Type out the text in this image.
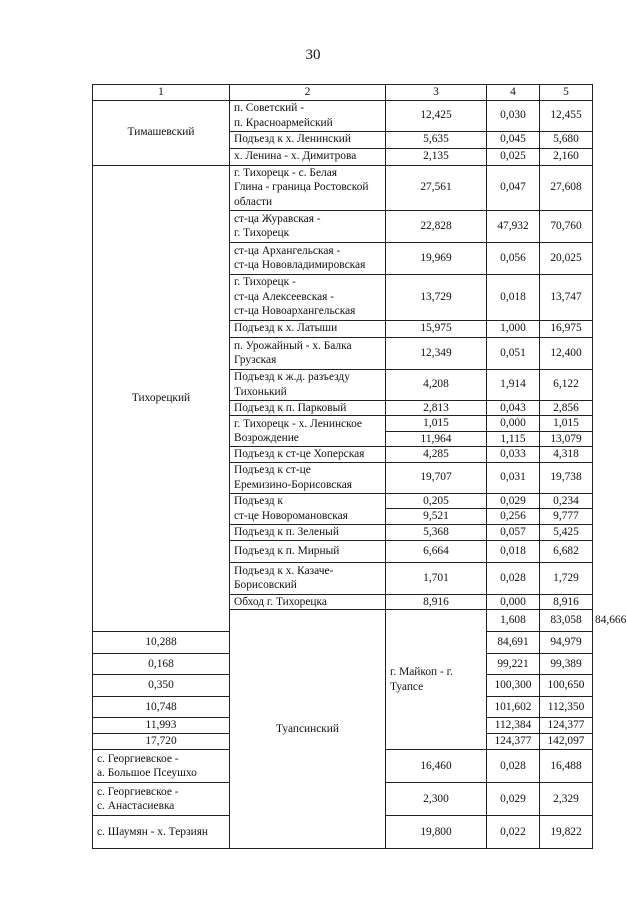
30
1	2	3	4	5	
Тимашевский	п. Советский -
п. Красноармейский	12,425	0,030	12,455	
	Подъезд к х. Ленинский	5,635	0,045	5,680	
	х. Ленина - х. Димитрова	2,135	0,025	2,160	
Тихорецкий	г. Тихорецк - с. Белая
Глина - граница Ростовской
области	27,561	0,047	27,608	
	ст-ца Журавская -
г. Тихорецк	22,828	47,932	70,760	
	ст-ца Архангельская -
ст-ца Нововладимировская	19,969	0,056	20,025	
	г. Тихорецк -
ст-ца Алексеевская -
ст-ца Новоархангельская	13,729	0,018	13,747	
	Подъезд к х. Латыши	15,975	1,000	16,975	
	п. Урожайный - х. Балка
Грузская	12,349	0,051	12,400	
	Подъезд к ж.д. разъезду
Тихонький	4,208	1,914	6,122	
	Подъезд к п. Парковый	2,813	0,043	2,856	
	г. Тихорецк - х. Ленинское
Возрождение	1,015	0,000	1,015	
		11,964	1,115	13,079	
	Подъезд к ст-це Хоперская	4,285	0,033	4,318	
	Подъезд к ст-це
Еремизино-Борисовская	19,707	0,031	19,738	
	Подъезд к
ст-це Новоромановская	0,205	0,029	0,234	
		9,521	0,256	9,777	
	Подъезд к п. Зеленый	5,368	0,057	5,425	
	Подъезд к п. Мирный	6,664	0,018	6,682	
	Подъезд к х. Казаче-
Борисовский	1,701	0,028	1,729	
	Обход г. Тихорецка	8,916	0,000	8,916	
	Туапсинский	г. Майкоп - г. Туапсе	1,608	83,058	84,666
10,288			84,691	94,979	
0,168			99,221	99,389	
0,350			100,300	100,650	
10,748			101,602	112,350	
11,993			112,384	124,377	
17,720			124,377	142,097	
с. Георгиевское -
а. Большое Псеушхо		16,460	0,028	16,488	
с. Георгиевское -
с. Анастасиевка		2,300	0,029	2,329	
с. Шаумян - х. Терзиян		19,800	0,022	19,822	
